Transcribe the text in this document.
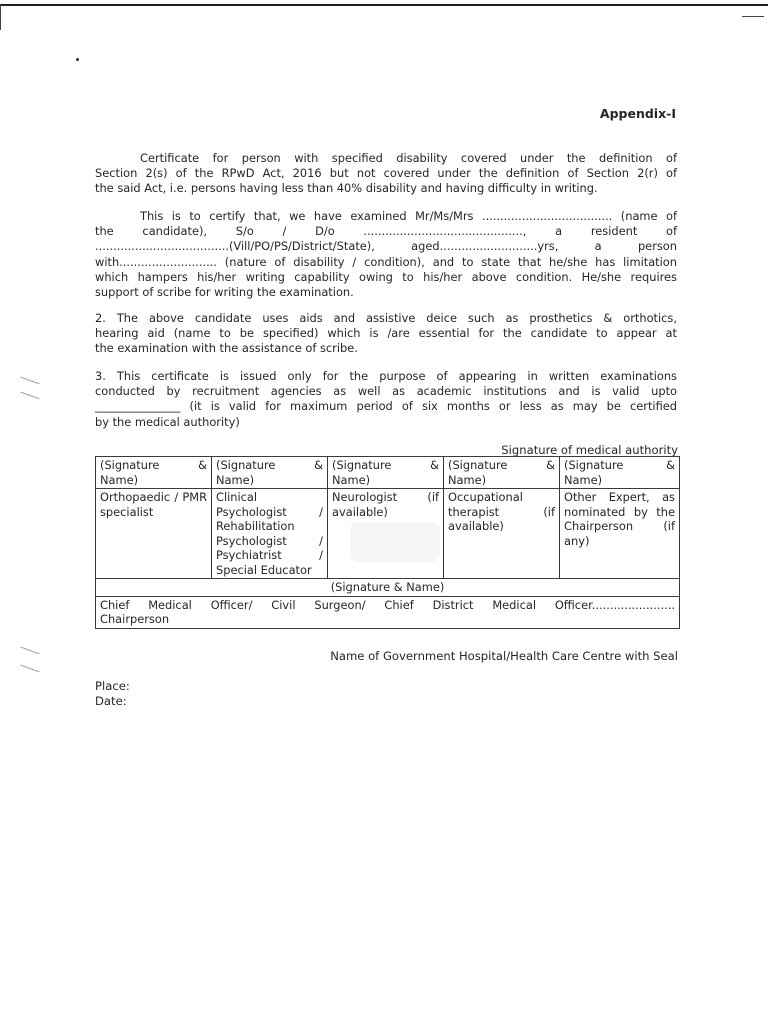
Appendix-I
Certificate for person with specified disability covered under the definition of
Section 2(s) of the RPwD Act, 2016 but not covered under the definition of Section 2(r) of
the said Act, i.e. persons having less than 40% disability and having difficulty in writing.
This is to certify that, we have examined Mr/Ms/Mrs .................................... (name of
the candidate), S/o / D/o ............................................, a resident of
.....................................(Vill/PO/PS/District/State), aged...........................yrs, a person
with........................... (nature of disability / condition), and to state that he/she has limitation
which hampers his/her writing capability owing to his/her above condition. He/she requires
support of scribe for writing the examination.
2. The above candidate uses aids and assistive deice such as prosthetics & orthotics,
hearing aid (name to be specified) which is /are essential for the candidate to appear at
the examination with the assistance of scribe.
3. This certificate is issued only for the purpose of appearing in written examinations
conducted by recruitment agencies as well as academic institutions and is valid upto
_______________ (it is valid for maximum period of six months or less as may be certified
by the medical authority)
Signature of medical authority
(Signature & Name)	(Signature & Name)	(Signature & Name)	(Signature & Name)	(Signature & Name)
Orthopaedic / PMR specialist	Clinical Psychologist / Rehabilitation Psychologist / Psychiatrist / Special Educator	Neurologist (if available)	Occupational therapist (if available)	Other Expert, as nominated by the Chairperson (if any)
(Signature & Name)				

Chief Medical Officer/ Civil Surgeon/ Chief District Medical Officer.......................
Chairperson				
Name of Government Hospital/Health Care Centre with Seal
Place:
Date:
